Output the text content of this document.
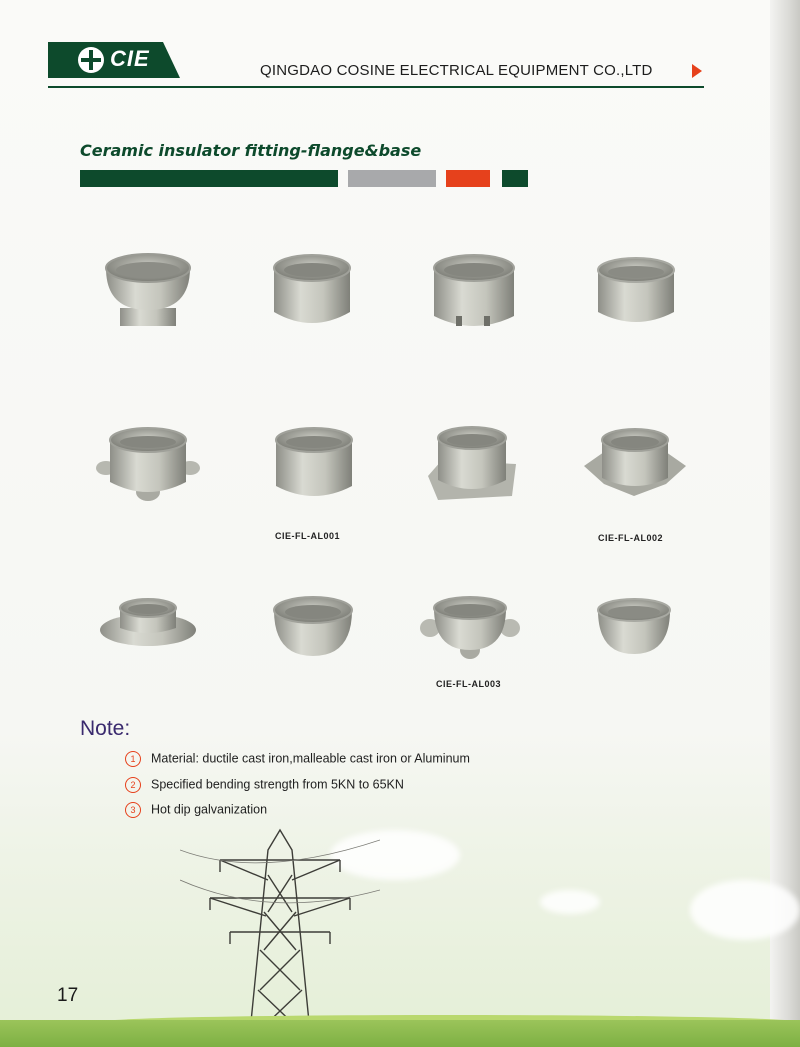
CIE	QINGDAO COSINE ELECTRICAL EQUIPMENT CO.,LTD
Ceramic insulator fitting-flange&base
CIE-FL-AL001	CIE-FL-AL002
CIE-FL-AL003
Note:
1 Material: ductile cast iron,malleable cast iron or Aluminum
2 Specified bending strength from 5KN to 65KN
3 Hot dip galvanization
17
